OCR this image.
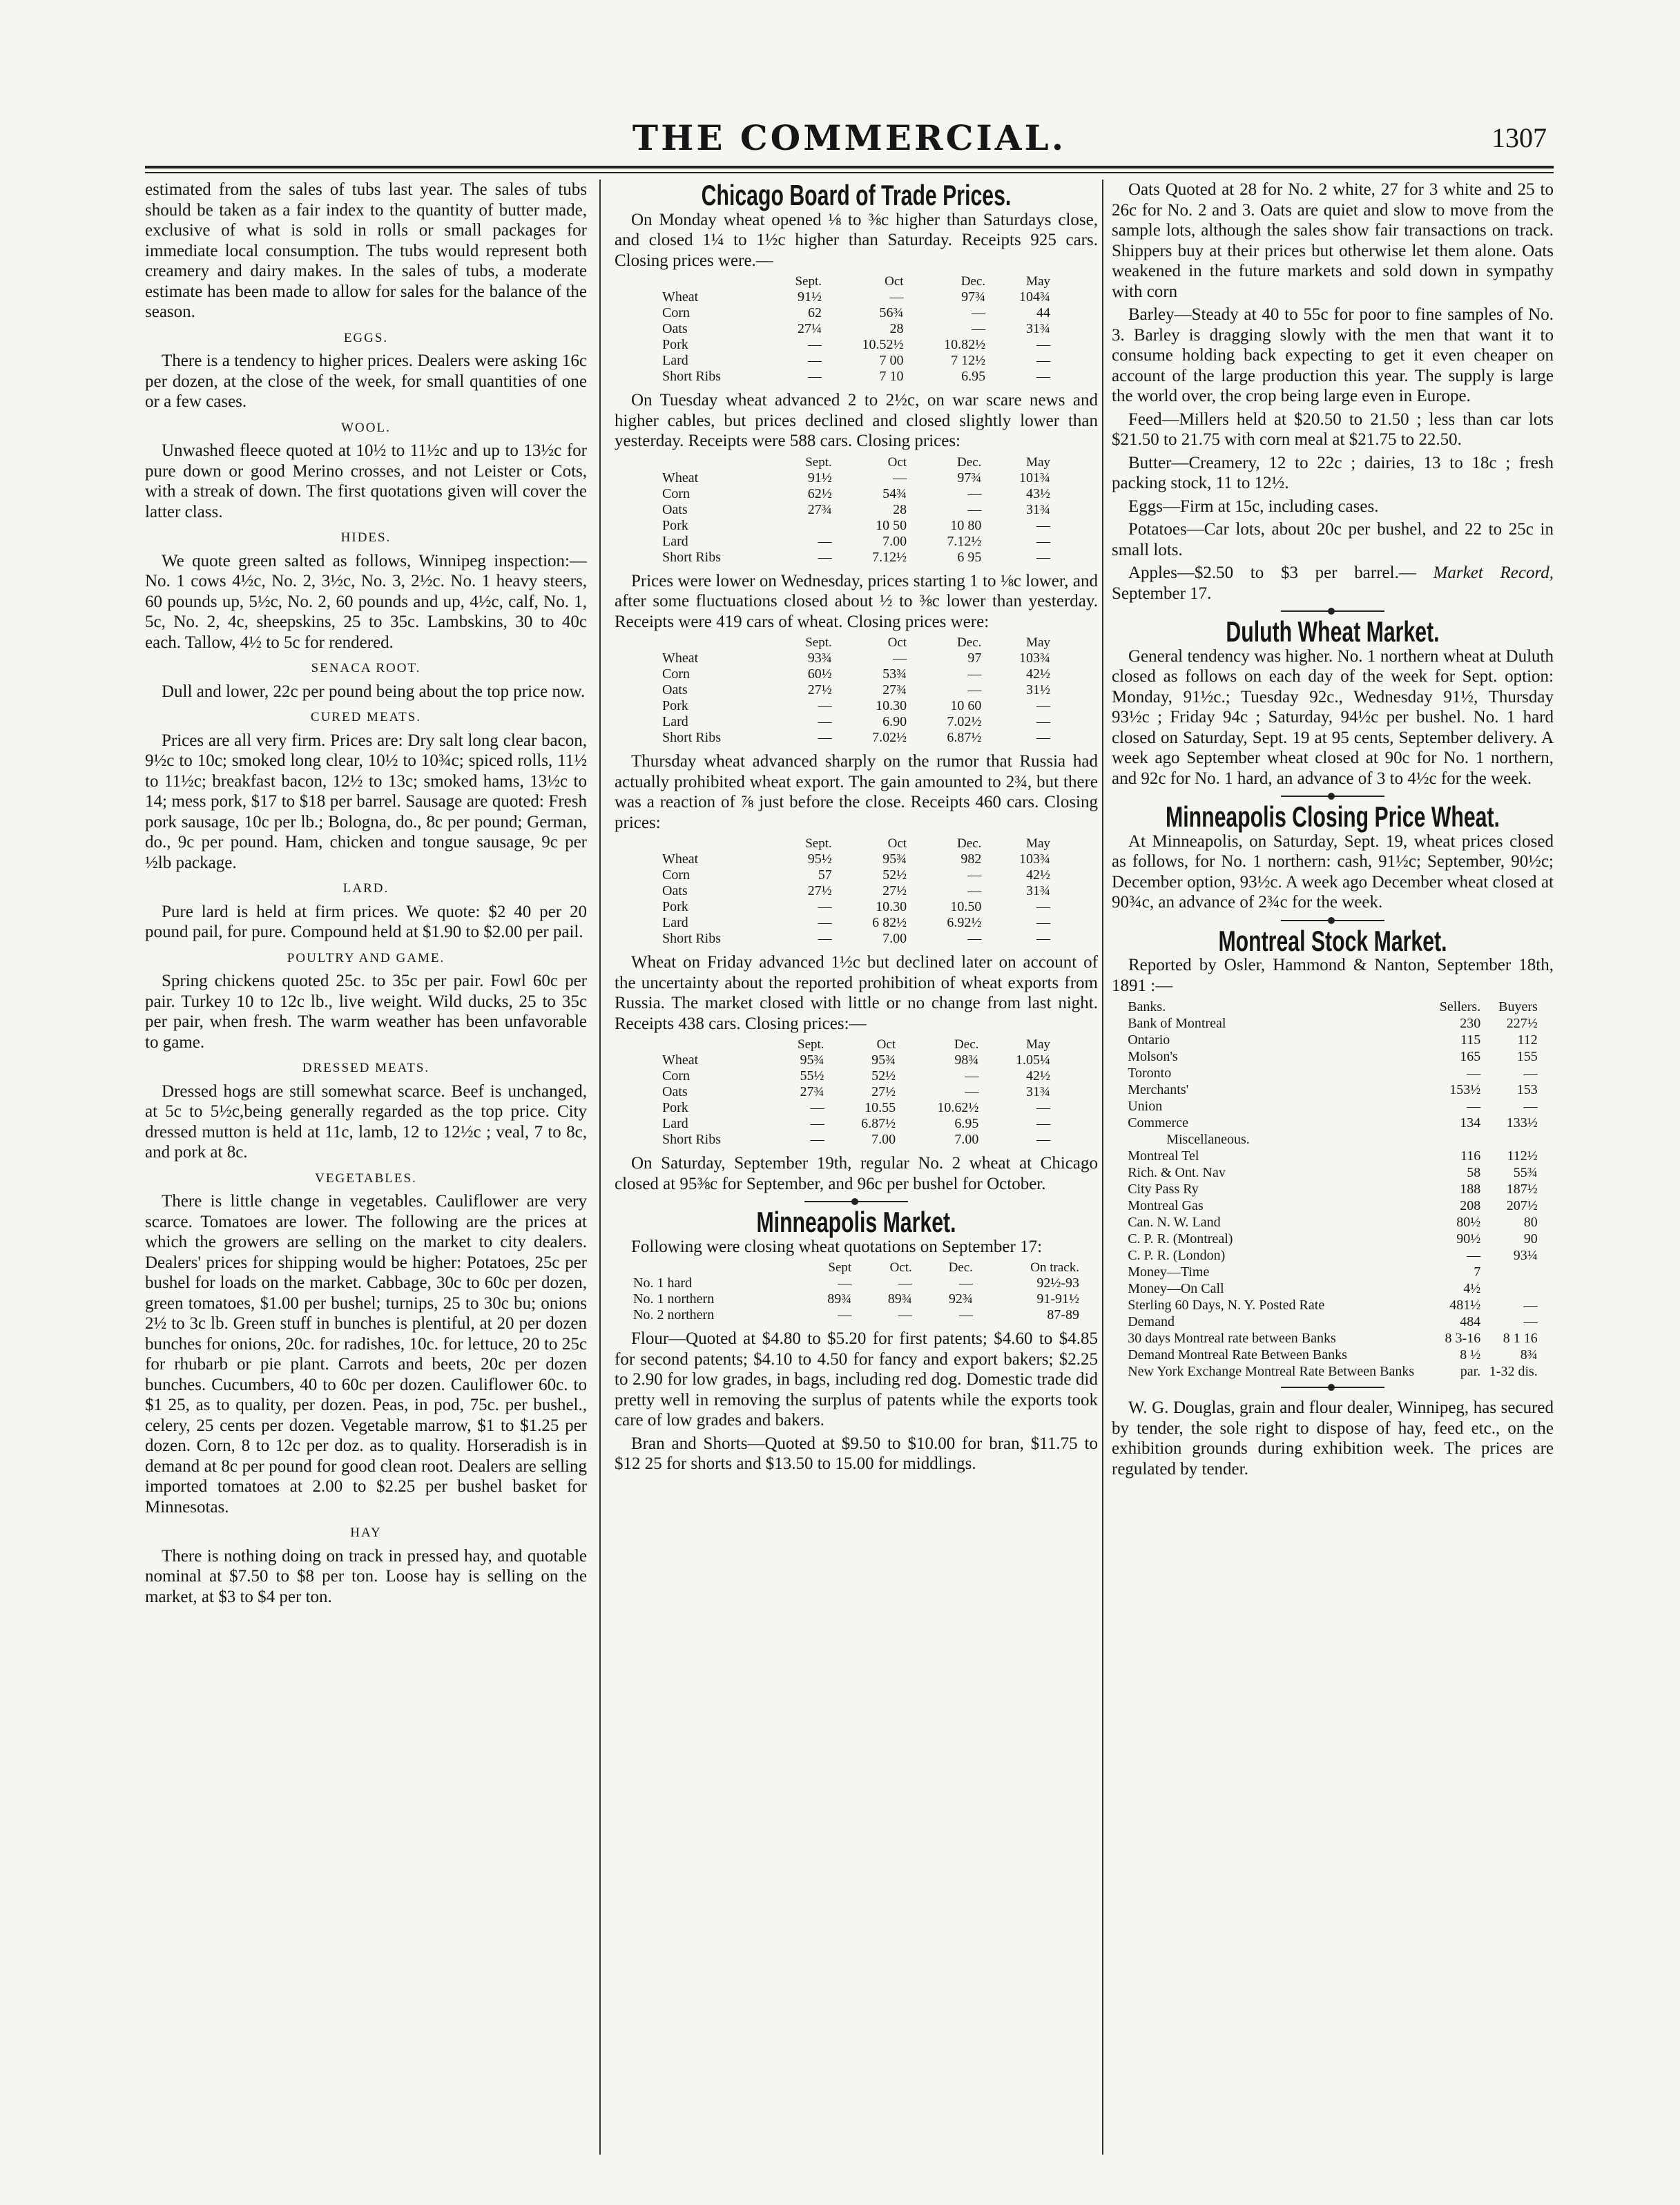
THE COMMERCIAL.	1307

estimated from the sales of tubs last year. The sales of tubs should be taken as a fair index to the quantity of butter made, exclusive of what is sold in rolls or small packages for immediate local consumption. The tubs would represent both creamery and dairy makes. In the sales of tubs, a moderate estimate has been made to allow for sales for the balance of the season.

EGGS.

There is a tendency to higher prices. Dealers were asking 16c per dozen, at the close of the week, for small quantities of one or a few cases.

WOOL.

Unwashed fleece quoted at 10½ to 11½c and up to 13½c for pure down or good Merino crosses, and not Leister or Cots, with a streak of down. The first quotations given will cover the latter class.

HIDES.

We quote green salted as follows, Winnipeg inspection:—No. 1 cows 4½c, No. 2, 3½c, No. 3, 2½c. No. 1 heavy steers, 60 pounds up, 5½c, No. 2, 60 pounds and up, 4½c, calf, No. 1, 5c, No. 2, 4c, sheepskins, 25 to 35c. Lambskins, 30 to 40c each. Tallow, 4½ to 5c for rendered.

SENACA ROOT.

Dull and lower, 22c per pound being about the top price now.

CURED MEATS.

Prices are all very firm. Prices are: Dry salt long clear bacon, 9½c to 10c; smoked long clear, 10½ to 10¾c; spiced rolls, 11½ to 11½c; breakfast bacon, 12½ to 13c; smoked hams, 13½c to 14; mess pork, $17 to $18 per barrel. Sausage are quoted: Fresh pork sausage, 10c per lb.; Bologna, do., 8c per pound; German, do., 9c per pound. Ham, chicken and tongue sausage, 9c per ½lb package.

LARD.

Pure lard is held at firm prices. We quote: $2 40 per 20 pound pail, for pure. Compound held at $1.90 to $2.00 per pail.

POULTRY AND GAME.

Spring chickens quoted 25c. to 35c per pair. Fowl 60c per pair. Turkey 10 to 12c lb., live weight. Wild ducks, 25 to 35c per pair, when fresh. The warm weather has been unfavorable to game.

DRESSED MEATS.

Dressed hogs are still somewhat scarce. Beef is unchanged, at 5c to 5½c,being generally regarded as the top price. City dressed mutton is held at 11c, lamb, 12 to 12½c ; veal, 7 to 8c, and pork at 8c.

VEGETABLES.

There is little change in vegetables. Cauliflower are very scarce. Tomatoes are lower. The following are the prices at which the growers are selling on the market to city dealers. Dealers' prices for shipping would be higher: Potatoes, 25c per bushel for loads on the market. Cabbage, 30c to 60c per dozen, green tomatoes, $1.00 per bushel; turnips, 25 to 30c bu; onions 2½ to 3c lb. Green stuff in bunches is plentiful, at 20 per dozen bunches for onions, 20c. for radishes, 10c. for lettuce, 20 to 25c for rhubarb or pie plant. Carrots and beets, 20c per dozen bunches. Cucumbers, 40 to 60c per dozen. Cauliflower 60c. to $1 25, as to quality, per dozen. Peas, in pod, 75c. per bushel., celery, 25 cents per dozen. Vegetable marrow, $1 to $1.25 per dozen. Corn, 8 to 12c per doz. as to quality. Horseradish is in demand at 8c per pound for good clean root. Dealers are selling imported tomatoes at 2.00 to $2.25 per bushel basket for Minnesotas.

HAY

There is nothing doing on track in pressed hay, and quotable nominal at $7.50 to $8 per ton. Loose hay is selling on the market, at $3 to $4 per ton.

Chicago Board of Trade Prices.

On Monday wheat opened ⅛ to ⅜c higher than Saturdays close, and closed 1¼ to 1½c higher than Saturday. Receipts 925 cars. Closing prices were.—

	Sept.	Oct	Dec.	May
Wheat	91½	—	97¾	104¾
Corn	62	56¾	—	44
Oats	27¼	28	—	31¾
Pork	—	10.52½	10.82½	—
Lard	—	7 00	7 12½	—
Short Ribs	—	7 10	6.95	—

On Tuesday wheat advanced 2 to 2½c, on war scare news and higher cables, but prices declined and closed slightly lower than yesterday. Receipts were 588 cars. Closing prices:

	Sept.	Oct	Dec.	May
Wheat	91½	—	97¾	101¾
Corn	62½	54¾	—	43½
Oats	27¾	28	—	31¾
Pork		10 50	10 80	—
Lard	—	7.00	7.12½	—
Short Ribs	—	7.12½	6 95	—

Prices were lower on Wednesday, prices starting 1 to ⅛c lower, and after some fluctuations closed about ½ to ⅜c lower than yesterday. Receipts were 419 cars of wheat. Closing prices were:

	Sept.	Oct	Dec.	May
Wheat	93¾	—	97	103¾
Corn	60½	53¾	—	42½
Oats	27½	27¾	—	31½
Pork	—	10.30	10 60	—
Lard	—	6.90	7.02½	—
Short Ribs	—	7.02½	6.87½	—

Thursday wheat advanced sharply on the rumor that Russia had actually prohibited wheat export. The gain amounted to 2¾, but there was a reaction of ⅞ just before the close. Receipts 460 cars. Closing prices:

	Sept.	Oct	Dec.	May
Wheat	95½	95¾	982	103¾
Corn	57	52½	—	42½
Oats	27½	27½	—	31¾
Pork	—	10.30	10.50	—
Lard	—	6 82½	6.92½	—
Short Ribs	—	7.00	—	—

Wheat on Friday advanced 1½c but declined later on account of the uncertainty about the reported prohibition of wheat exports from Russia. The market closed with little or no change from last night. Receipts 438 cars. Closing prices:—

	Sept.	Oct	Dec.	May
Wheat	95¾	95¾	98¾	1.05¼
Corn	55½	52½	—	42½
Oats	27¾	27½	—	31¾
Pork	—	10.55	10.62½	—
Lard	—	6.87½	6.95	—
Short Ribs	—	7.00	7.00	—

On Saturday, September 19th, regular No. 2 wheat at Chicago closed at 95⅜c for September, and 96c per bushel for October.

Minneapolis Market.

Following were closing wheat quotations on September 17:

	Sept	Oct.	Dec.	On track.
No. 1 hard	—	—	—	92½-93
No. 1 northern	89¾	89¾	92¾	91-91½
No. 2 northern	—	—	—	87-89

Flour—Quoted at $4.80 to $5.20 for first patents; $4.60 to $4.85 for second patents; $4.10 to 4.50 for fancy and export bakers; $2.25 to 2.90 for low grades, in bags, including red dog. Domestic trade did pretty well in removing the surplus of patents while the exports took care of low grades and bakers.

Bran and Shorts—Quoted at $9.50 to $10.00 for bran, $11.75 to $12 25 for shorts and $13.50 to 15.00 for middlings.

Oats Quoted at 28 for No. 2 white, 27 for 3 white and 25 to 26c for No. 2 and 3. Oats are quiet and slow to move from the sample lots, although the sales show fair transactions on track. Shippers buy at their prices but otherwise let them alone. Oats weakened in the future markets and sold down in sympathy with corn

Barley—Steady at 40 to 55c for poor to fine samples of No. 3. Barley is dragging slowly with the men that want it to consume holding back expecting to get it even cheaper on account of the large production this year. The supply is large the world over, the crop being large even in Europe.

Feed—Millers held at $20.50 to 21.50 ; less than car lots $21.50 to 21.75 with corn meal at $21.75 to 22.50.

Butter—Creamery, 12 to 22c ; dairies, 13 to 18c ; fresh packing stock, 11 to 12½.

Eggs—Firm at 15c, including cases.

Potatoes—Car lots, about 20c per bushel, and 22 to 25c in small lots.

Apples—$2.50 to $3 per barrel.— Market Record, September 17.

Duluth Wheat Market.

General tendency was higher. No. 1 northern wheat at Duluth closed as follows on each day of the week for Sept. option: Monday, 91½c.; Tuesday 92c., Wednesday 91½, Thursday 93½c ; Friday 94c ; Saturday, 94½c per bushel. No. 1 hard closed on Saturday, Sept. 19 at 95 cents, September delivery. A week ago September wheat closed at 90c for No. 1 northern, and 92c for No. 1 hard, an advance of 3 to 4½c for the week.

Minneapolis Closing Price Wheat.

At Minneapolis, on Saturday, Sept. 19, wheat prices closed as follows, for No. 1 northern: cash, 91½c; September, 90½c; December option, 93½c. A week ago December wheat closed at 90¾c, an advance of 2¾c for the week.

Montreal Stock Market.

Reported by Osler, Hammond & Nanton, September 18th, 1891 :—

Banks.	Sellers.	Buyers
Bank of Montreal	230	227½
Ontario	115	112
Molson's	165	155
Toronto	—	—
Merchants'	153½	153
Union	—	—
Commerce	134	133½
Miscellaneous.		
Montreal Tel	116	112½
Rich. & Ont. Nav	58	55¾
City Pass Ry	188	187½
Montreal Gas	208	207½
Can. N. W. Land	80½	80
C. P. R. (Montreal)	90½	90
C. P. R. (London)	—	93¼
Money—Time	7	
Money—On Call	4½	
Sterling 60 Days, N. Y. Posted Rate	481½	—
Demand	484	—
30 days Montreal rate between Banks	8 3-16	8 1 16
Demand Montreal Rate Between Banks	8 ½	8¾
New York Exchange Montreal Rate Between Banks	par.	1-32 dis.

W. G. Douglas, grain and flour dealer, Winnipeg, has secured by tender, the sole right to dispose of hay, feed etc., on the exhibition grounds during exhibition week. The prices are regulated by tender.
